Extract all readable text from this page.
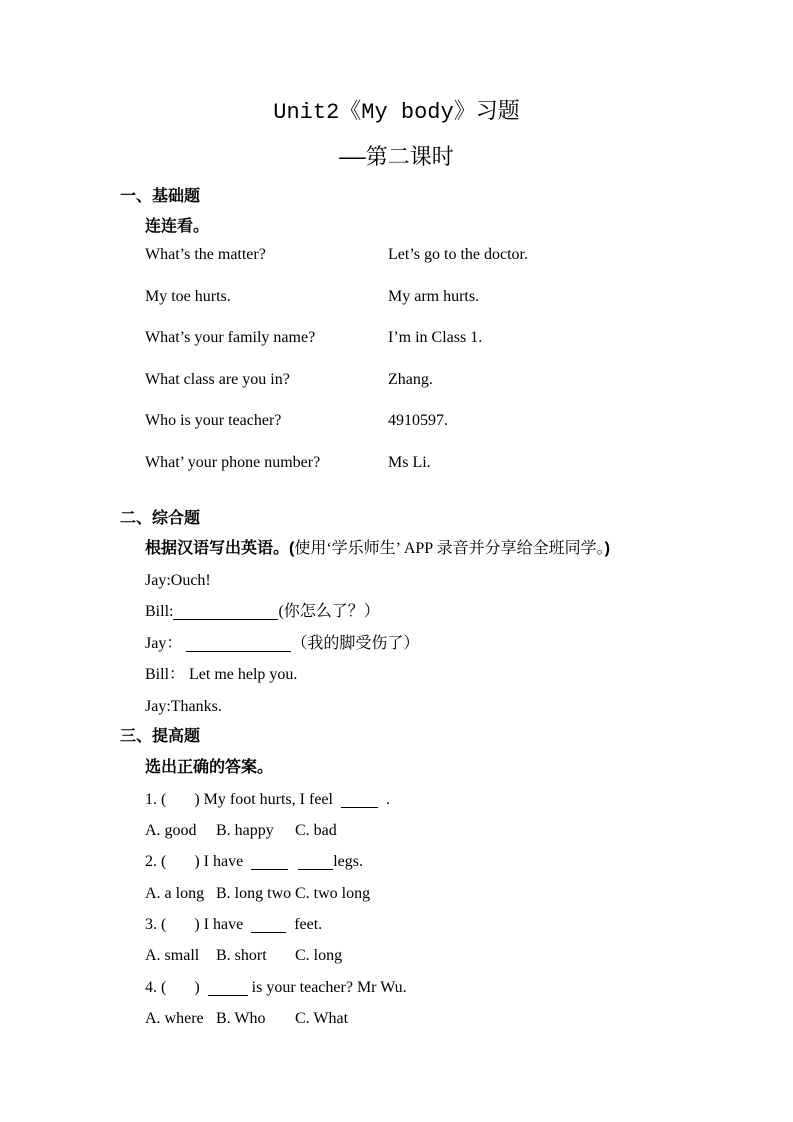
Unit2《My body》习题
——第二课时
一、基础题
连连看。
What’s the matter?	Let’s go to the doctor.
My toe hurts.	My arm hurts.
What’s your family name?	I’m in Class 1.
What class are you in?	Zhang.
Who is your teacher?	4910597.
What’ your phone number?	Ms Li.
二、综合题
根据汉语写出英语。(使用‘学乐师生’ APP 录音并分享给全班同学。)
Jay:Ouch!
Bill:	(你怎么了？）
Jay：	（我的脚受伤了）
Bill： Let me help you.
Jay:Thanks.
三、提高题
选出正确的答案。
1. (       ) My foot hurts, I feel    .
A. good B. happy C. bad
2. (       ) I have	legs.
A. a long B. long two C. two long
3. (       ) I have    feet.
A. small B. short C. long
4. (       )	is your teacher? Mr Wu.
A. where B. Who C. What
